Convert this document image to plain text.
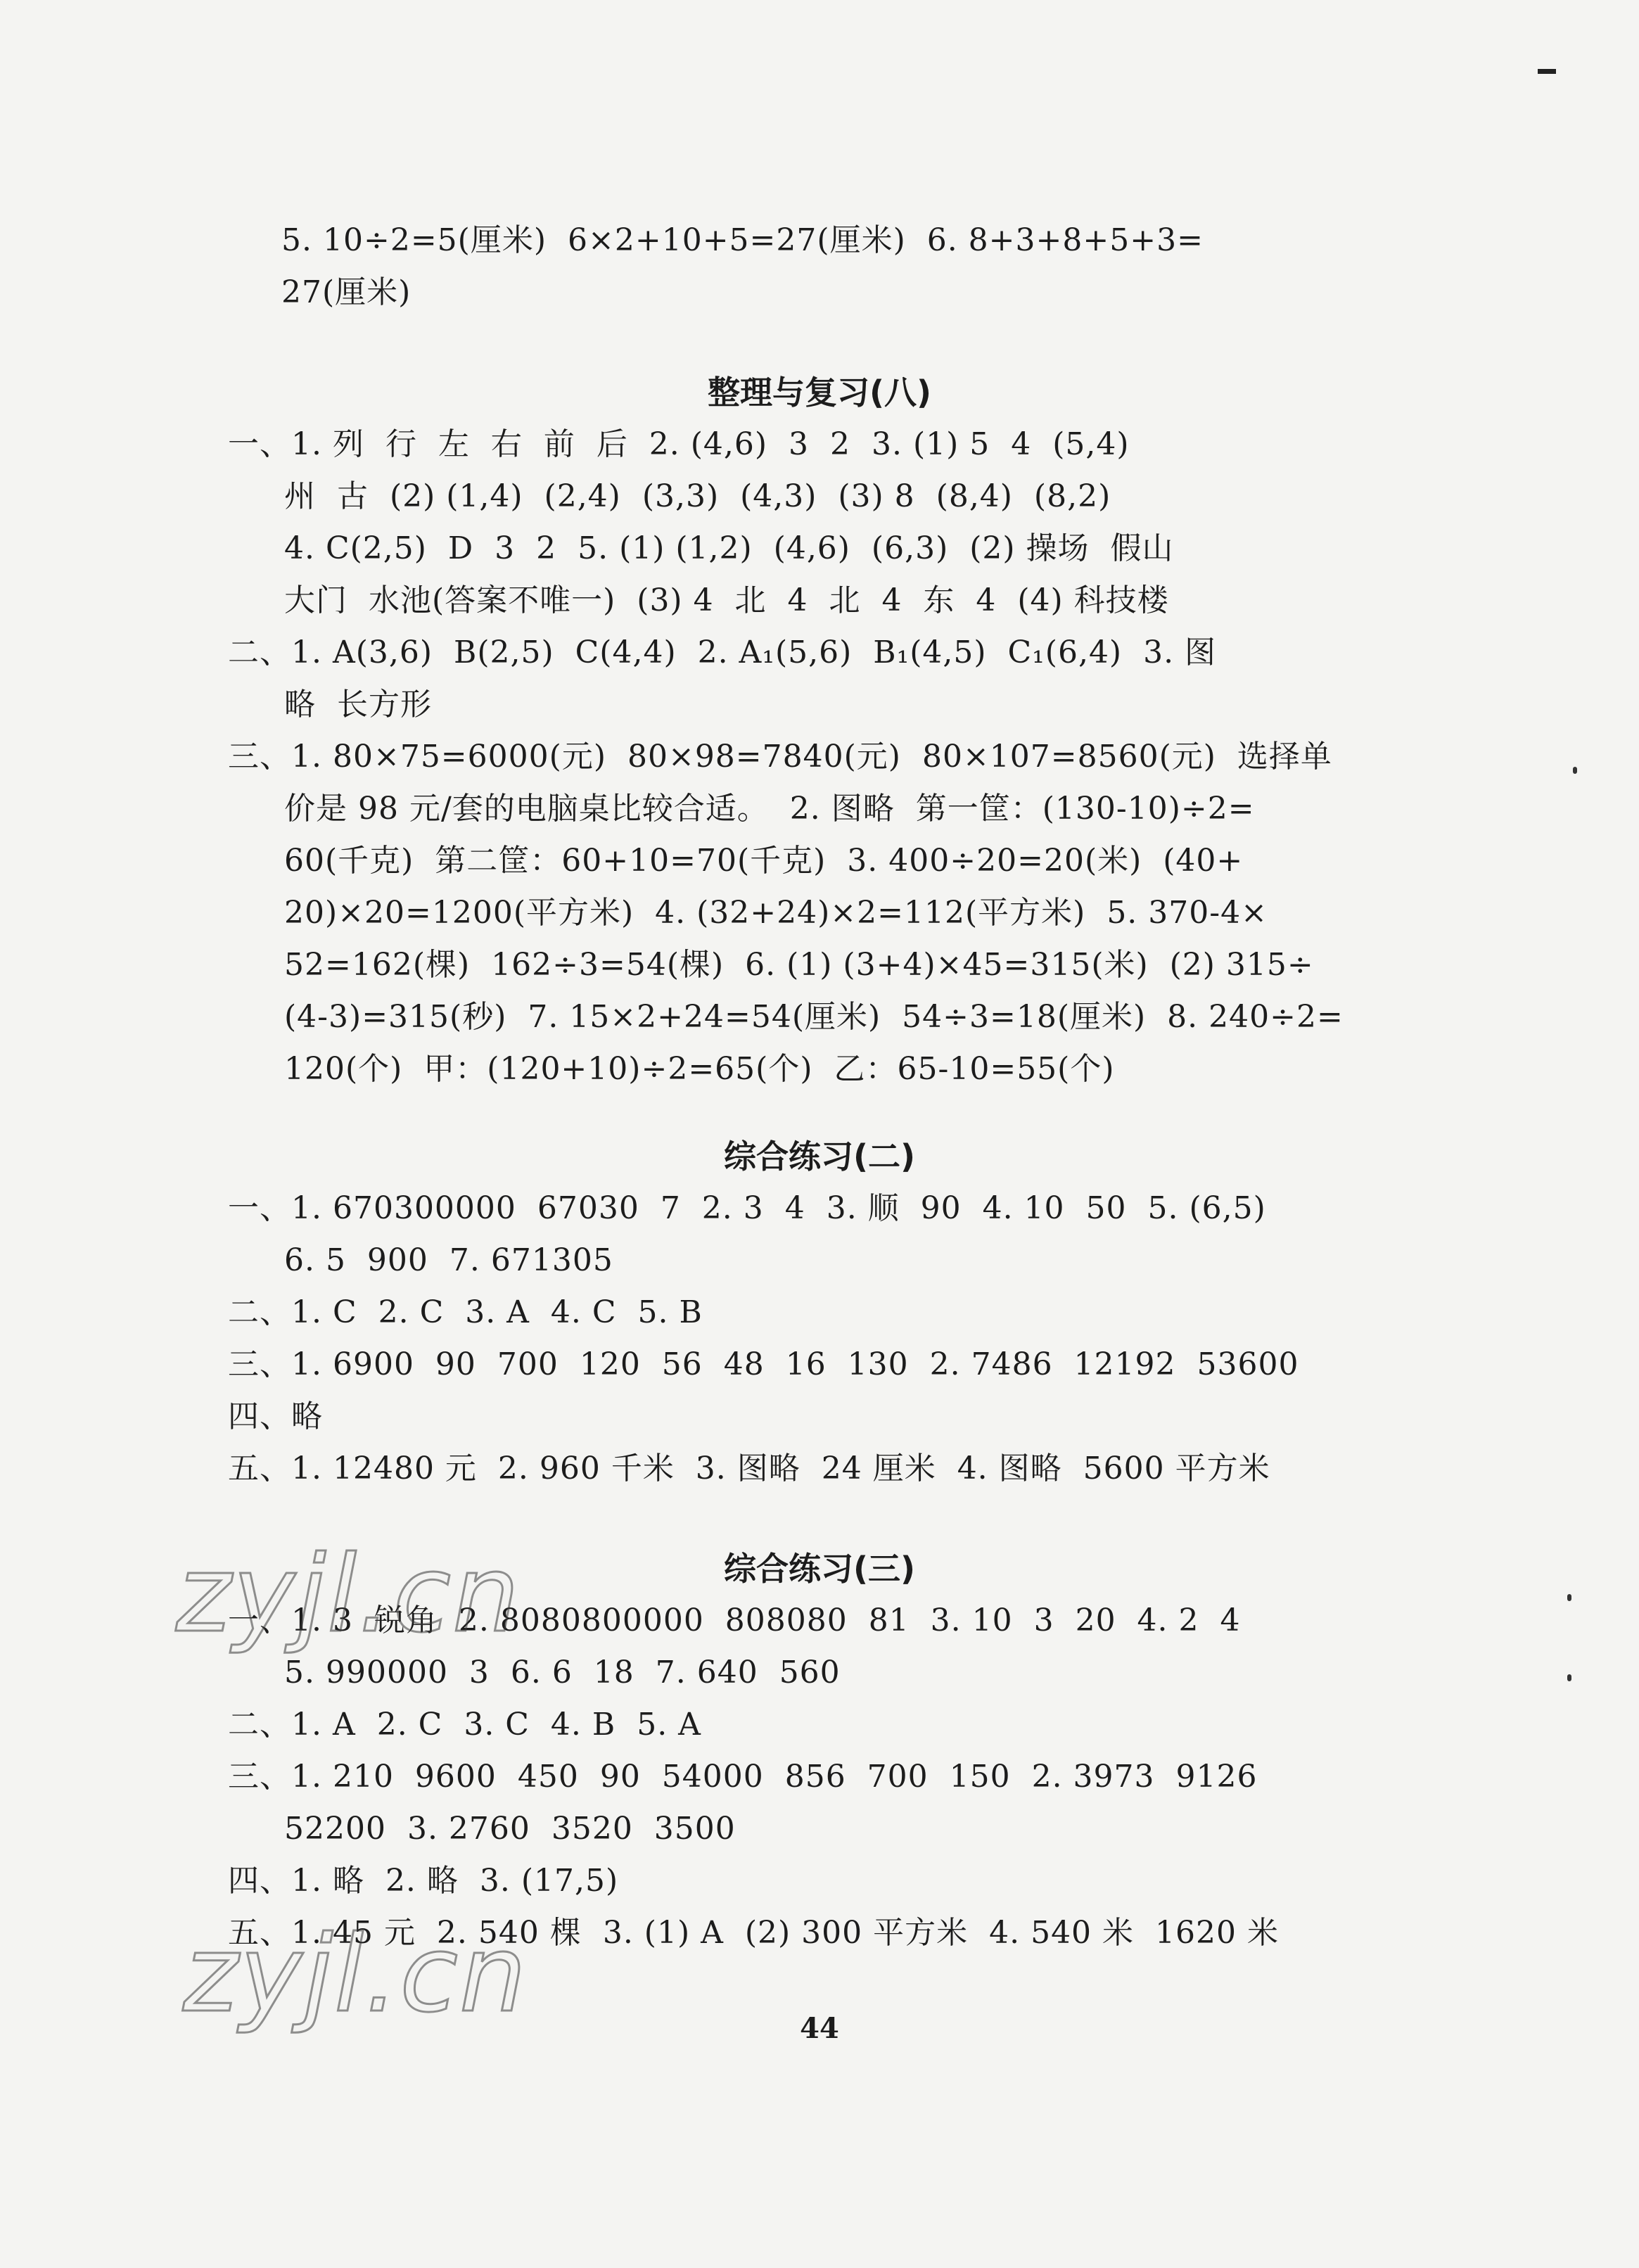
5. 10÷2=5(厘米)  6×2+10+5=27(厘米)  6. 8+3+8+5+3=
27(厘米)
整理与复习(八)
一、1. 列  行  左  右  前  后  2. (4,6)  3  2  3. (1) 5  4  (5,4)
州  古  (2) (1,4)  (2,4)  (3,3)  (4,3)  (3) 8  (8,4)  (8,2)
4. C(2,5)  D  3  2  5. (1) (1,2)  (4,6)  (6,3)  (2) 操场  假山
大门  水池(答案不唯一)  (3) 4  北  4  北  4  东  4  (4) 科技楼
二、1. A(3,6)  B(2,5)  C(4,4)  2. A₁(5,6)  B₁(4,5)  C₁(6,4)  3. 图
略  长方形
三、1. 80×75=6000(元)  80×98=7840(元)  80×107=8560(元)  选择单
价是 98 元/套的电脑桌比较合适。  2. 图略  第一筐：(130-10)÷2=
60(千克)  第二筐：60+10=70(千克)  3. 400÷20=20(米)  (40+
20)×20=1200(平方米)  4. (32+24)×2=112(平方米)  5. 370-4×
52=162(棵)  162÷3=54(棵)  6. (1) (3+4)×45=315(米)  (2) 315÷
(4-3)=315(秒)  7. 15×2+24=54(厘米)  54÷3=18(厘米)  8. 240÷2=
120(个)  甲：(120+10)÷2=65(个)  乙：65-10=55(个)
综合练习(二)
一、1. 670300000  67030  7  2. 3  4  3. 顺  90  4. 10  50  5. (6,5)
6. 5  900  7. 671305
二、1. C  2. C  3. A  4. C  5. B
三、1. 6900  90  700  120  56  48  16  130  2. 7486  12192  53600
四、略
五、1. 12480 元  2. 960 千米  3. 图略  24 厘米  4. 图略  5600 平方米
综合练习(三)
一、1. 3  锐角  2. 8080800000  808080  81  3. 10  3  20  4. 2  4
5. 990000  3  6. 6  18  7. 640  560
二、1. A  2. C  3. C  4. B  5. A
三、1. 210  9600  450  90  54000  856  700  150  2. 3973  9126
52200  3. 2760  3520  3500
四、1. 略  2. 略  3. (17,5)
五、1. 45 元  2. 540 棵  3. (1) A  (2) 300 平方米  4. 540 米  1620 米
zyjl.cn
zyjl.cn	44
